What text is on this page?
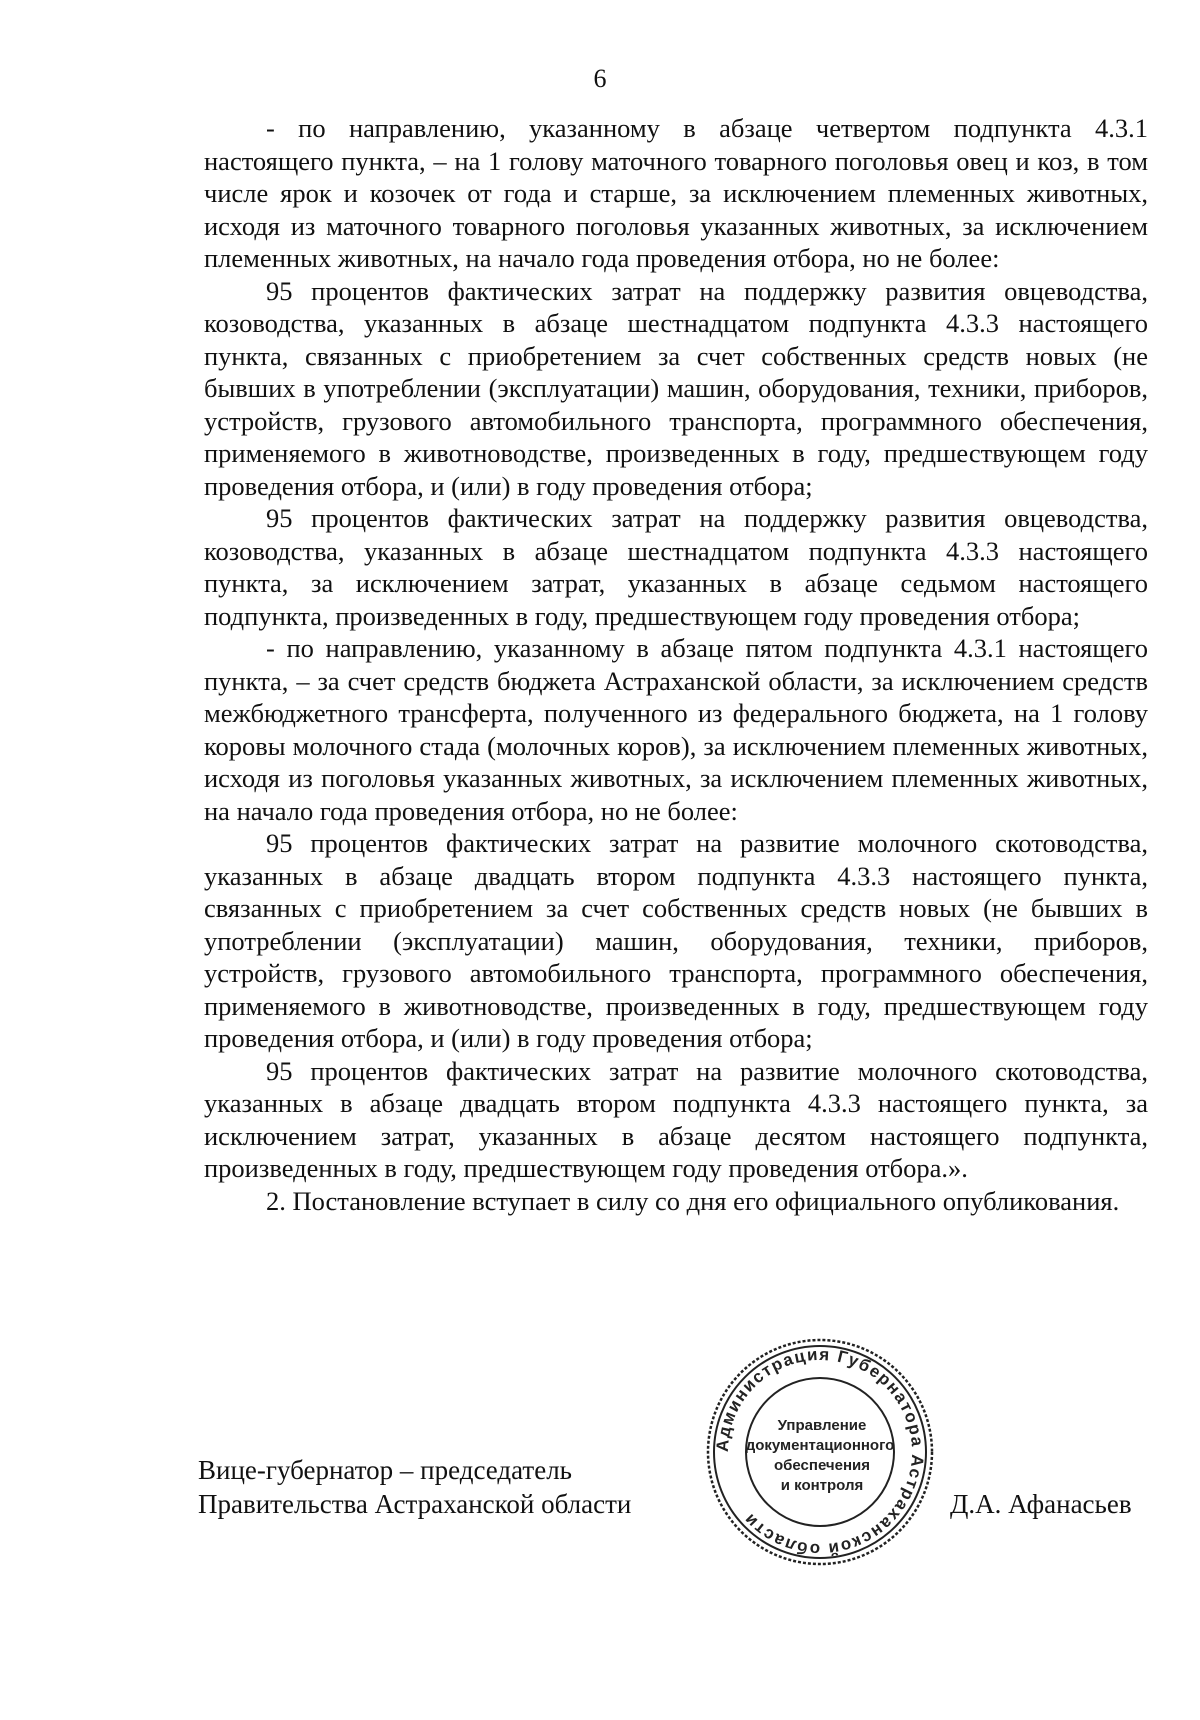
6

- по направлению, указанному в абзаце четвертом подпункта 4.3.1 настоящего пункта, – на 1 голову маточного товарного поголовья овец и коз, в том числе ярок и козочек от года и старше, за исключением племенных животных, исходя из маточного товарного поголовья указанных животных, за исключением племенных животных, на начало года проведения отбора, но не более:

95 процентов фактических затрат на поддержку развития овцеводства, козоводства, указанных в абзаце шестнадцатом подпункта 4.3.3 настоящего пункта, связанных с приобретением за счет собственных средств новых (не бывших в употреблении (эксплуатации) машин, оборудования, техники, приборов, устройств, грузового автомобильного транспорта, программного обеспечения, применяемого в животноводстве, произведенных в году, предшествующем году проведения отбора, и (или) в году проведения отбора;

95 процентов фактических затрат на поддержку развития овцеводства, козоводства, указанных в абзаце шестнадцатом подпункта 4.3.3 настоящего пункта, за исключением затрат, указанных в абзаце седьмом настоящего подпункта, произведенных в году, предшествующем году проведения отбора;

- по направлению, указанному в абзаце пятом подпункта 4.3.1 настоящего пункта, – за счет средств бюджета Астраханской области, за исключением средств межбюджетного трансферта, полученного из федерального бюджета, на 1 голову коровы молочного стада (молочных коров), за исключением племенных животных, исходя из поголовья указанных животных, за исключением племенных животных, на начало года проведения отбора, но не более:

95 процентов фактических затрат на развитие молочного скотоводства, указанных в абзаце двадцать втором подпункта 4.3.3 настоящего пункта, связанных с приобретением за счет собственных средств новых (не бывших в употреблении (эксплуатации) машин, оборудования, техники, приборов, устройств, грузового автомобильного транспорта, программного обеспечения, применяемого в животноводстве, произведенных в году, предшествующем году проведения отбора, и (или) в году проведения отбора;

95 процентов фактических затрат на развитие молочного скотоводства, указанных в абзаце двадцать втором подпункта 4.3.3 настоящего пункта, за исключением затрат, указанных в абзаце десятом настоящего подпункта, произведенных в году, предшествующем году проведения отбора.».

2. Постановление вступает в силу со дня его официального опубликования.

Вице-губернатор – председатель
Правительства Астраханской области	Д.А. Афанасьев
Администрация Губернатора Астраханской области
Управление
документационного
обеспечения
и контроля
